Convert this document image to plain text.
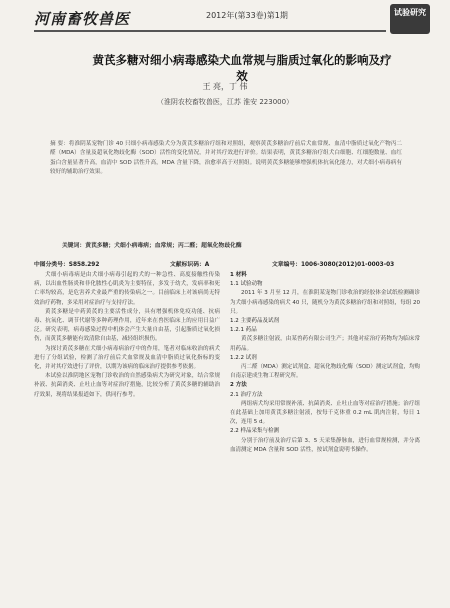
河南畜牧兽医	2012年(第33卷)第1期	试验研究
黄芪多糖对细小病毒感染犬血常规与脂质过氧化的影响及疗效
王 亮，丁 伟
（淮阴农校畜牧兽医，江苏 淮安 223000）
摘 要：将淮阴某宠物门诊 40 只细小病毒感染犬分为黄芪多糖治疗组和对照组，观察黄芪多糖治疗前后犬血常规、血清中脂质过氧化产物丙二醛（MDA）含量及超氧化物歧化酶（SOD）活性的变化情况，并对其疗效进行评价。结果表明，黄芪多糖治疗组犬白细胞、红细胞数量、血红蛋白含量显著升高，血清中 SOD 活性升高，MDA 含量下降，治愈率高于对照组。说明黄芪多糖能够增强机体抗氧化能力，对犬细小病毒病有较好的辅助治疗效果。
关键词：黄芪多糖；犬细小病毒病；血常规；丙二醛；超氧化物歧化酶
中图分类号：S858.292	文献标识码：A	文章编号：1006-3080(2012)01-0003-03

犬细小病毒病是由犬细小病毒引起的犬的一种急性、高度接触性传染病，以出血性肠炎和非化脓性心肌炎为主要特征，多发于幼犬，发病率和死亡率均较高，是危害养犬业最严重的传染病之一。目前临床上对该病尚无特效治疗药物，多采用对症治疗与支持疗法。

黄芪多糖是中药黄芪的主要活性成分，具有增强机体免疫功能、抗病毒、抗氧化、调节代谢等多种药理作用，近年来在兽医临床上的应用日益广泛。研究表明，病毒感染过程中机体会产生大量自由基，引起脂质过氧化损伤，而黄芪多糖能有效清除自由基，减轻组织损伤。

为探讨黄芪多糖在犬细小病毒病治疗中的作用，笔者对临床收治的病犬进行了分组试验，检测了治疗前后犬血常规及血清中脂质过氧化指标的变化，并对其疗效进行了评价，以期为该病的临床治疗提供参考依据。

本试验以淮阴地区宠物门诊收治的自然感染病犬为研究对象，结合常规补液、抗菌消炎、止吐止血等对症治疗措施，比较分析了黄芪多糖的辅助治疗效果，现将结果报道如下，供同行参考。

1 材料

1.1 试验动物

2011 年 3 月至 12 月，在淮阴某宠物门诊收治的经胶体金试纸检测确诊为犬细小病毒感染的病犬 40 只，随机分为黄芪多糖治疗组和对照组，每组 20 只。

1.2 主要药品及试剂

1.2.1 药品

黄芪多糖注射液，由某兽药有限公司生产；其他对症治疗药物均为临床常用药品。

1.2.2 试剂

丙二醛（MDA）测定试剂盒、超氧化物歧化酶（SOD）测定试剂盒，均购自南京建成生物工程研究所。

2 方法

2.1 治疗方法

两组病犬均采用常规补液、抗菌消炎、止吐止血等对症治疗措施；治疗组在此基础上加用黄芪多糖注射液，按每千克体重 0.2 mL 肌肉注射，每日 1 次，连用 5 d。

2.2 样品采集与检测

分别于治疗前及治疗后第 3、5 天采集静脉血，进行血常规检测，并分离血清测定 MDA 含量和 SOD 活性，按试剂盒说明书操作。
